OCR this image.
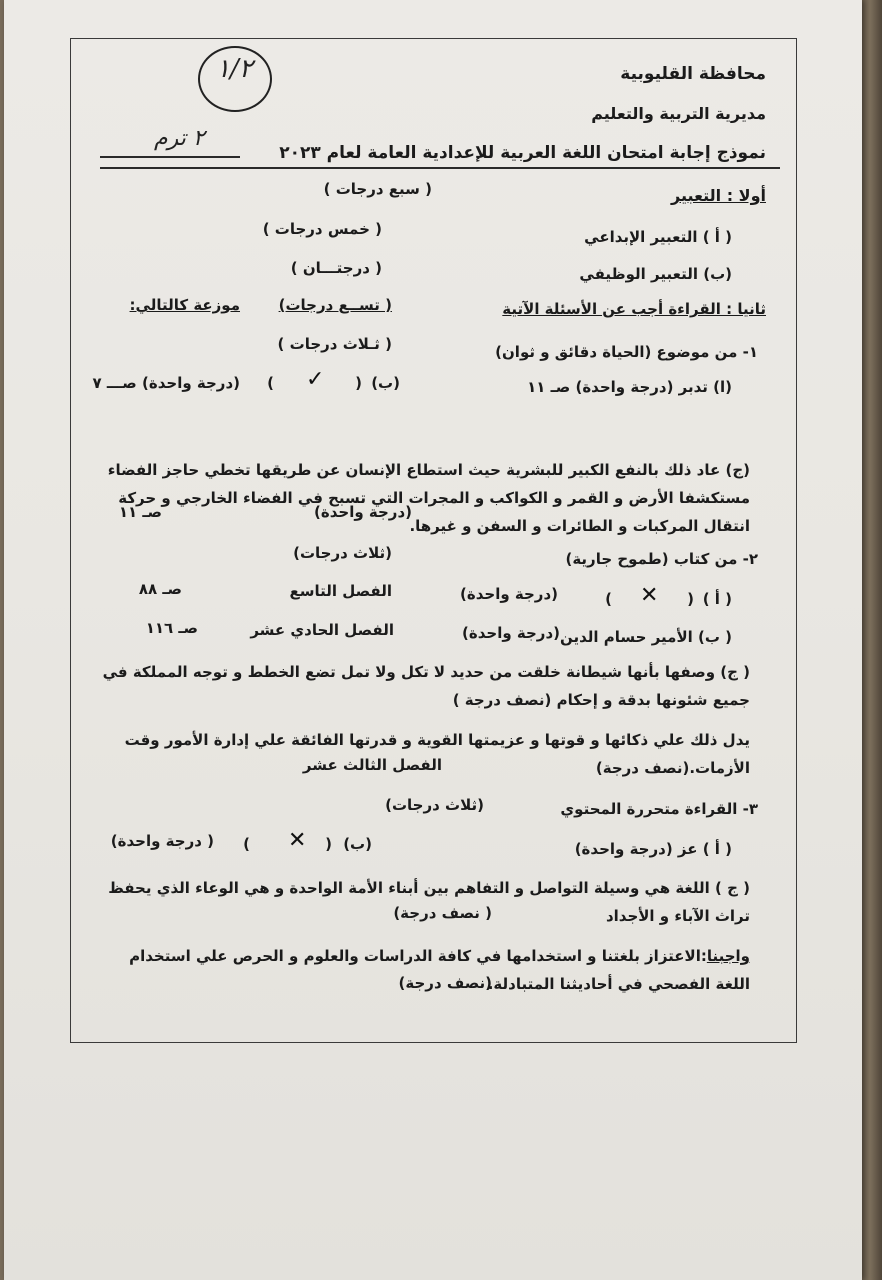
١/٢	محافظة القليوبية
مديرية التربية والتعليم
نموذج إجابة امتحان اللغة العربية للإعدادية العامة لعام ٢٠٢٣
٢ ترم
أولا : التعبير
( سبع درجات )
( أ ) التعبير الإبداعي
( خمس درجات )
(ب) التعبير الوظيفي
( درجتـــان )
ثانيا : القراءة أجب عن الأسئلة الآتية
( تســع درجات)
موزعة كالتالي:
١- من موضوع (الحياة دقائق و ثوان)
( ثـلاث درجات )
(ا) تدبر (درجة واحدة) صـ ١١
(ب)
(
✓
)
(درجة واحدة) صـــ ٧
(ج) عاد ذلك بالنفع الكبير للبشرية حيث استطاع الإنسان عن طريقها تخطي حاجز الفضاء مستكشفا الأرض و القمر و الكواكب و المجرات التي تسبح في الفضاء الخارجي و حركة انتقال المركبات و الطائرات و السفن و غيرها.
(درجة واحدة)
صـ ١١
٢- من كتاب (طموح جارية)
(ثلاث درجات)
( أ )
(
✕
)
(درجة واحدة)
الفصل التاسع
صـ ٨٨
( ب) الأمير حسام الدين
(درجة واحدة)
الفصل الحادي عشر
صـ ١١٦
( ج) وصفها بأنها شيطانة خلقت من حديد لا تكل ولا تمل تضع الخطط و توجه المملكة في جميع شئونها بدقة و إحكام (نصف درجة )
يدل ذلك علي ذكائها و قوتها و عزيمتها القوية و قدرتها الفائقة علي إدارة الأمور وقت الأزمات.(نصف درجة)
الفصل الثالث عشر
٣- القراءة متحررة المحتوي
(ثلاث درجات)
( أ ) عز (درجة واحدة)
(ب)
(
✕
)
( درجة واحدة)
( ج ) اللغة هي وسيلة التواصل و التفاهم بين أبناء الأمة الواحدة و هي الوعاء الذي يحفظ تراث الآباء و الأجداد
( نصف درجة)
واجبنا:الاعتزاز بلغتنا و استخدامها في كافة الدراسات والعلوم و الحرص علي استخدام اللغة الفصحي في أحاديثنا المتبادلة.
(نصف درجة)
